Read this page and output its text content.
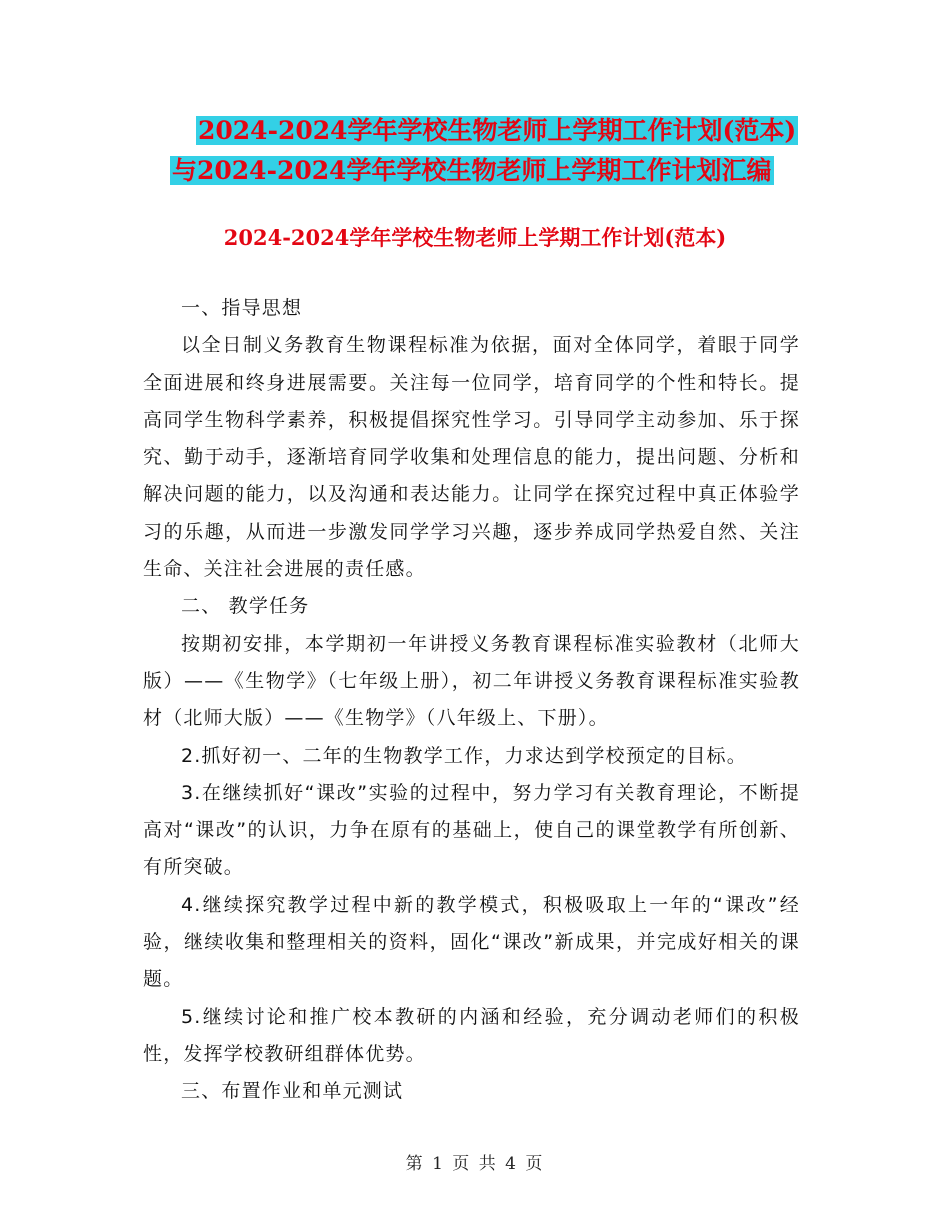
2024-2024学年学校生物老师上学期工作计划(范本)
与2024-2024学年学校生物老师上学期工作计划汇编
2024-2024学年学校生物老师上学期工作计划(范本)

一、指导思想

以全日制义务教育生物课程标准为依据，面对全体同学，着眼于同学全面进展和终身进展需要。关注每一位同学，培育同学的个性和特长。提高同学生物科学素养，积极提倡探究性学习。引导同学主动参加、乐于探究、勤于动手，逐渐培育同学收集和处理信息的能力，提出问题、分析和解决问题的能力，以及沟通和表达能力。让同学在探究过程中真正体验学习的乐趣，从而进一步激发同学学习兴趣，逐步养成同学热爱自然、关注生命、关注社会进展的责任感。

二、 教学任务

按期初安排，本学期初一年讲授义务教育课程标准实验教材（北师大版）——《生物学》（七年级上册），初二年讲授义务教育课程标准实验教材（北师大版）——《生物学》（八年级上、下册）。

2.抓好初一、二年的生物教学工作，力求达到学校预定的目标。

3.在继续抓好“课改”实验的过程中，努力学习有关教育理论，不断提高对“课改”的认识，力争在原有的基础上，使自己的课堂教学有所创新、有所突破。

4.继续探究教学过程中新的教学模式，积极吸取上一年的“课改”经验，继续收集和整理相关的资料，固化“课改”新成果，并完成好相关的课题。

5.继续讨论和推广校本教研的内涵和经验，充分调动老师们的积极性，发挥学校教研组群体优势。

三、布置作业和单元测试

第 1 页 共 4 页
